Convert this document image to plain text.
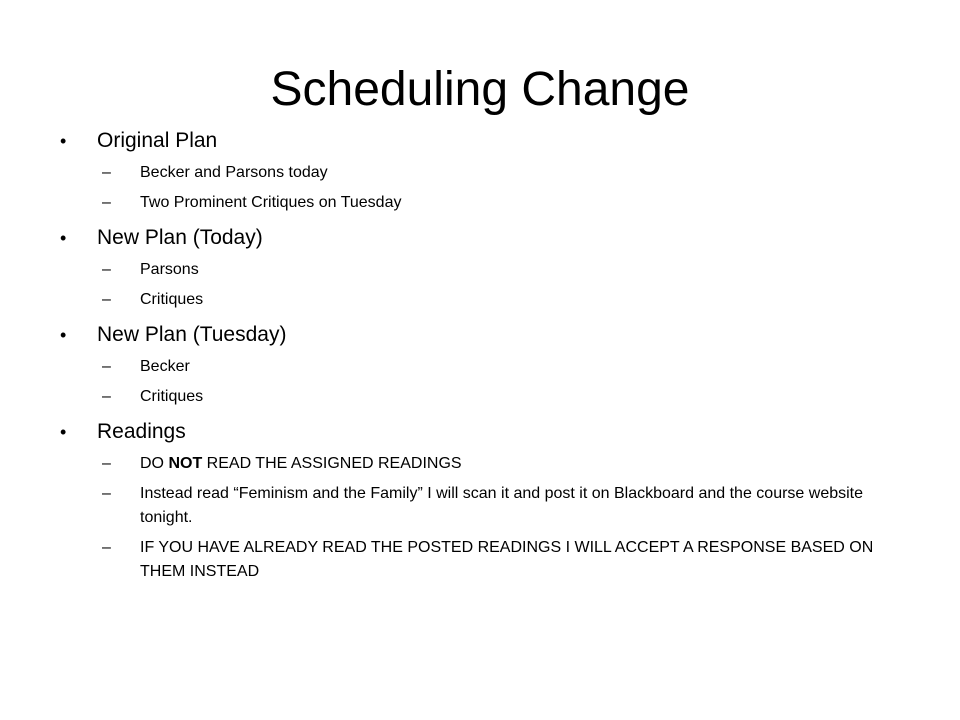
Scheduling Change
• Original Plan
– Becker and Parsons today
– Two Prominent Critiques on Tuesday
• New Plan (Today)
– Parsons
– Critiques
• New Plan (Tuesday)
– Becker
– Critiques
• Readings
– DO NOT READ THE ASSIGNED READINGS
– Instead read “Feminism and the Family” I will scan it and post it on Blackboard and the course website tonight.
– IF YOU HAVE ALREADY READ THE POSTED READINGS I WILL ACCEPT A RESPONSE BASED ON THEM INSTEAD
